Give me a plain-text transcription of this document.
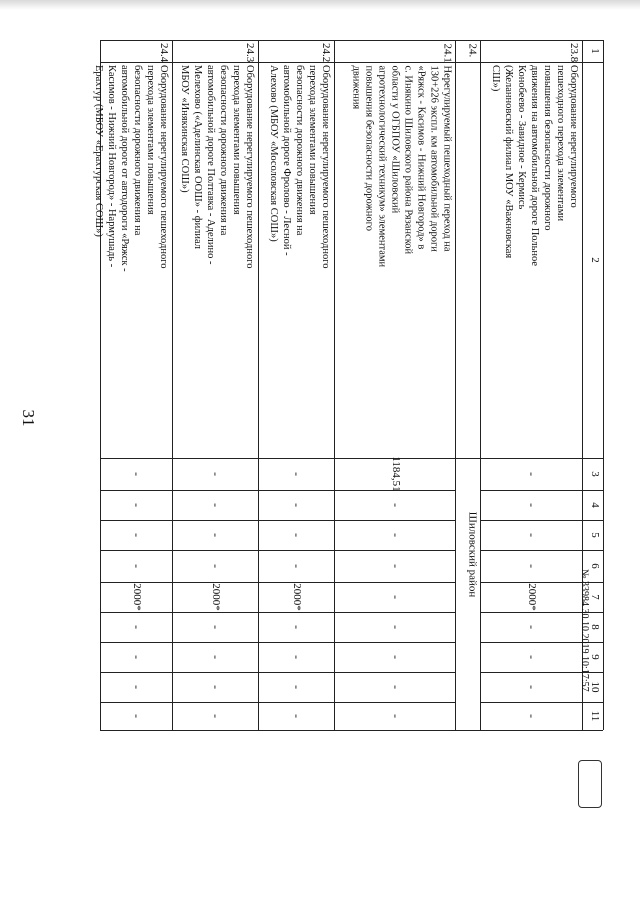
31
1
2
3
4
5
6
7
8
9
10
11
23.8
Оборудование нерегулируемого
пешеходного перехода элементами
повышения безопасности дорожного
движения на автомобильной дороге Польное
Конобеево - Завидное - Кермись
(Желанновский филиал МОУ «Важновская
СШ»)
-
-
-
-
2000*
-
-
-
-
24.
Шиловский район
24.1
Нерегулируемый пешеходный переход на
130+226 экспл. км автомобильной дороги
«Ряжск - Касимов - Нижний Новгород» в
с. Инякино Шиловского района Рязанской
области у ОГБПОУ «Шиловский
агротехнологический техникум» элементами
повышения безопасности дорожного
движения
1184,51
-
-
-
-
-
-
-
-
24.2
Оборудование нерегулируемого пешеходного
перехода элементами повышения
безопасности дорожного движения на
автомобильной дороге Фролово - Лесной -
Алехово (МБОУ «Мосоловская СОШ»)
-
-
-
-
2000*
-
-
-
-
24.3
Оборудование нерегулируемого пешеходного
перехода элементами повышения
безопасности дорожного движения на
автомобильной дороге Полтавка - Аделино -
Мелехово («Аделинская ООШ» - филиал
МБОУ «Инякинская СОШ»)
-
-
-
-
2000*
-
-
-
-
24.4
Оборудование нерегулируемого пешеходного
перехода элементами повышения
безопасности дорожного движения на
автомобильной дороге от автодороги «Ряжск -
Касимов - Нижний Новгород» - Нармушадь -
Ерахтур (МБОУ «Ерахтурская СОШ»)
-
-
-
-
2000*
-
-
-
-
№ 33984 30.10.2019 10:17:57
